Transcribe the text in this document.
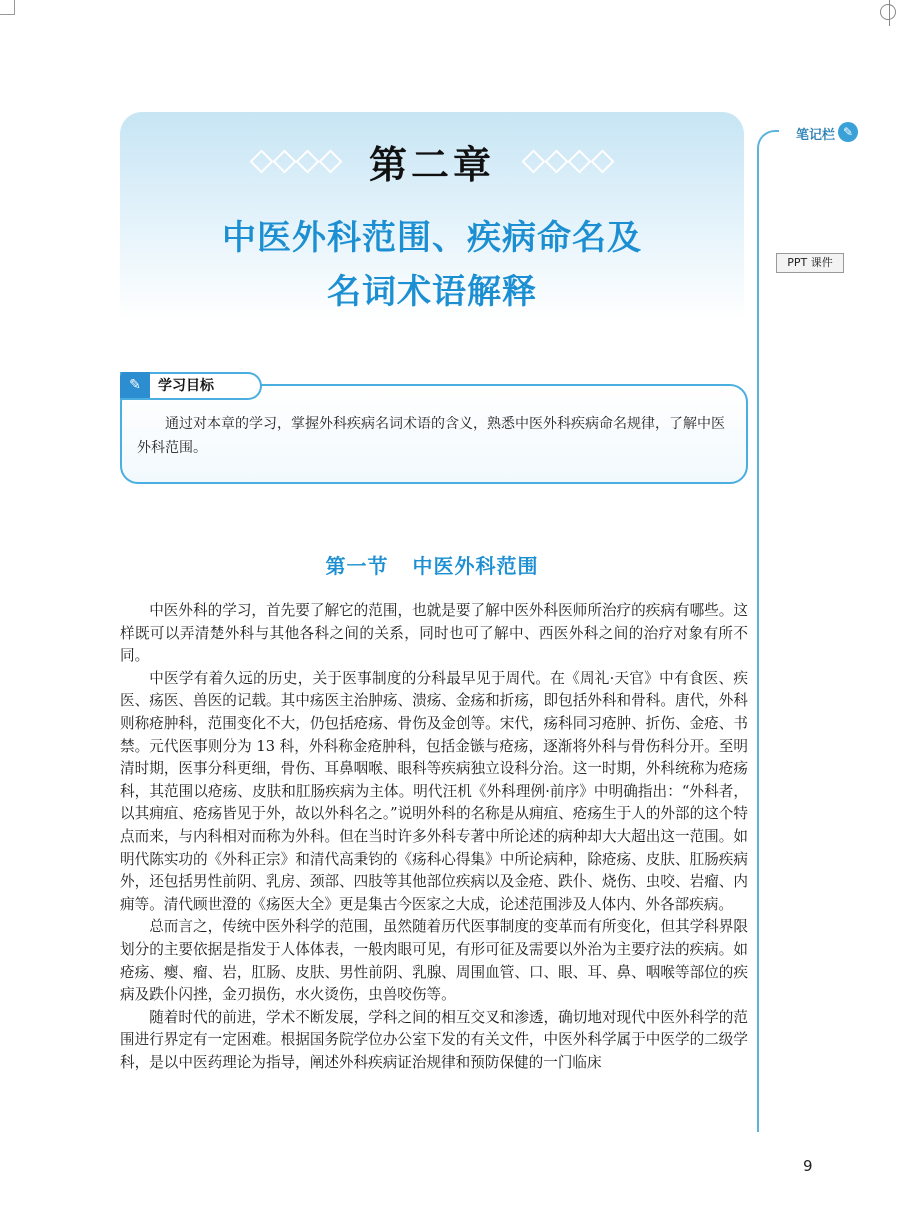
第二章
中医外科范围、疾病命名及
名词术语解释
笔记栏 ✎
PPT 课件
✎	学习目标
通过对本章的学习，掌握外科疾病名词术语的含义，熟悉中医外科疾病命名规律，了解中医外科范围。
第一节 中医外科范围

中医外科的学习，首先要了解它的范围，也就是要了解中医外科医师所治疗的疾病有哪些。这样既可以弄清楚外科与其他各科之间的关系，同时也可了解中、西医外科之间的治疗对象有所不同。

中医学有着久远的历史，关于医事制度的分科最早见于周代。在《周礼·天官》中有食医、疾医、疡医、兽医的记载。其中疡医主治肿疡、溃疡、金疡和折疡，即包括外科和骨科。唐代，外科则称疮肿科，范围变化不大，仍包括疮疡、骨伤及金创等。宋代，疡科同习疮肿、折伤、金疮、书禁。元代医事则分为 13 科，外科称金疮肿科，包括金镞与疮疡，逐渐将外科与骨伤科分开。至明清时期，医事分科更细，骨伤、耳鼻咽喉、眼科等疾病独立设科分治。这一时期，外科统称为疮疡科，其范围以疮疡、皮肤和肛肠疾病为主体。明代汪机《外科理例·前序》中明确指出：“外科者，以其痈疽、疮疡皆见于外，故以外科名之。”说明外科的名称是从痈疽、疮疡生于人的外部的这个特点而来，与内科相对而称为外科。但在当时许多外科专著中所论述的病种却大大超出这一范围。如明代陈实功的《外科正宗》和清代高秉钧的《疡科心得集》中所论病种，除疮疡、皮肤、肛肠疾病外，还包括男性前阴、乳房、颈部、四肢等其他部位疾病以及金疮、跌仆、烧伤、虫咬、岩瘤、内痈等。清代顾世澄的《疡医大全》更是集古今医家之大成，论述范围涉及人体内、外各部疾病。

总而言之，传统中医外科学的范围，虽然随着历代医事制度的变革而有所变化，但其学科界限划分的主要依据是指发于人体体表，一般肉眼可见，有形可征及需要以外治为主要疗法的疾病。如疮疡、瘿、瘤、岩，肛肠、皮肤、男性前阴、乳腺、周围血管、口、眼、耳、鼻、咽喉等部位的疾病及跌仆闪挫，金刃损伤，水火烫伤，虫兽咬伤等。

随着时代的前进，学术不断发展，学科之间的相互交叉和渗透，确切地对现代中医外科学的范围进行界定有一定困难。根据国务院学位办公室下发的有关文件，中医外科学属于中医学的二级学科，是以中医药理论为指导，阐述外科疾病证治规律和预防保健的一门临床

9
